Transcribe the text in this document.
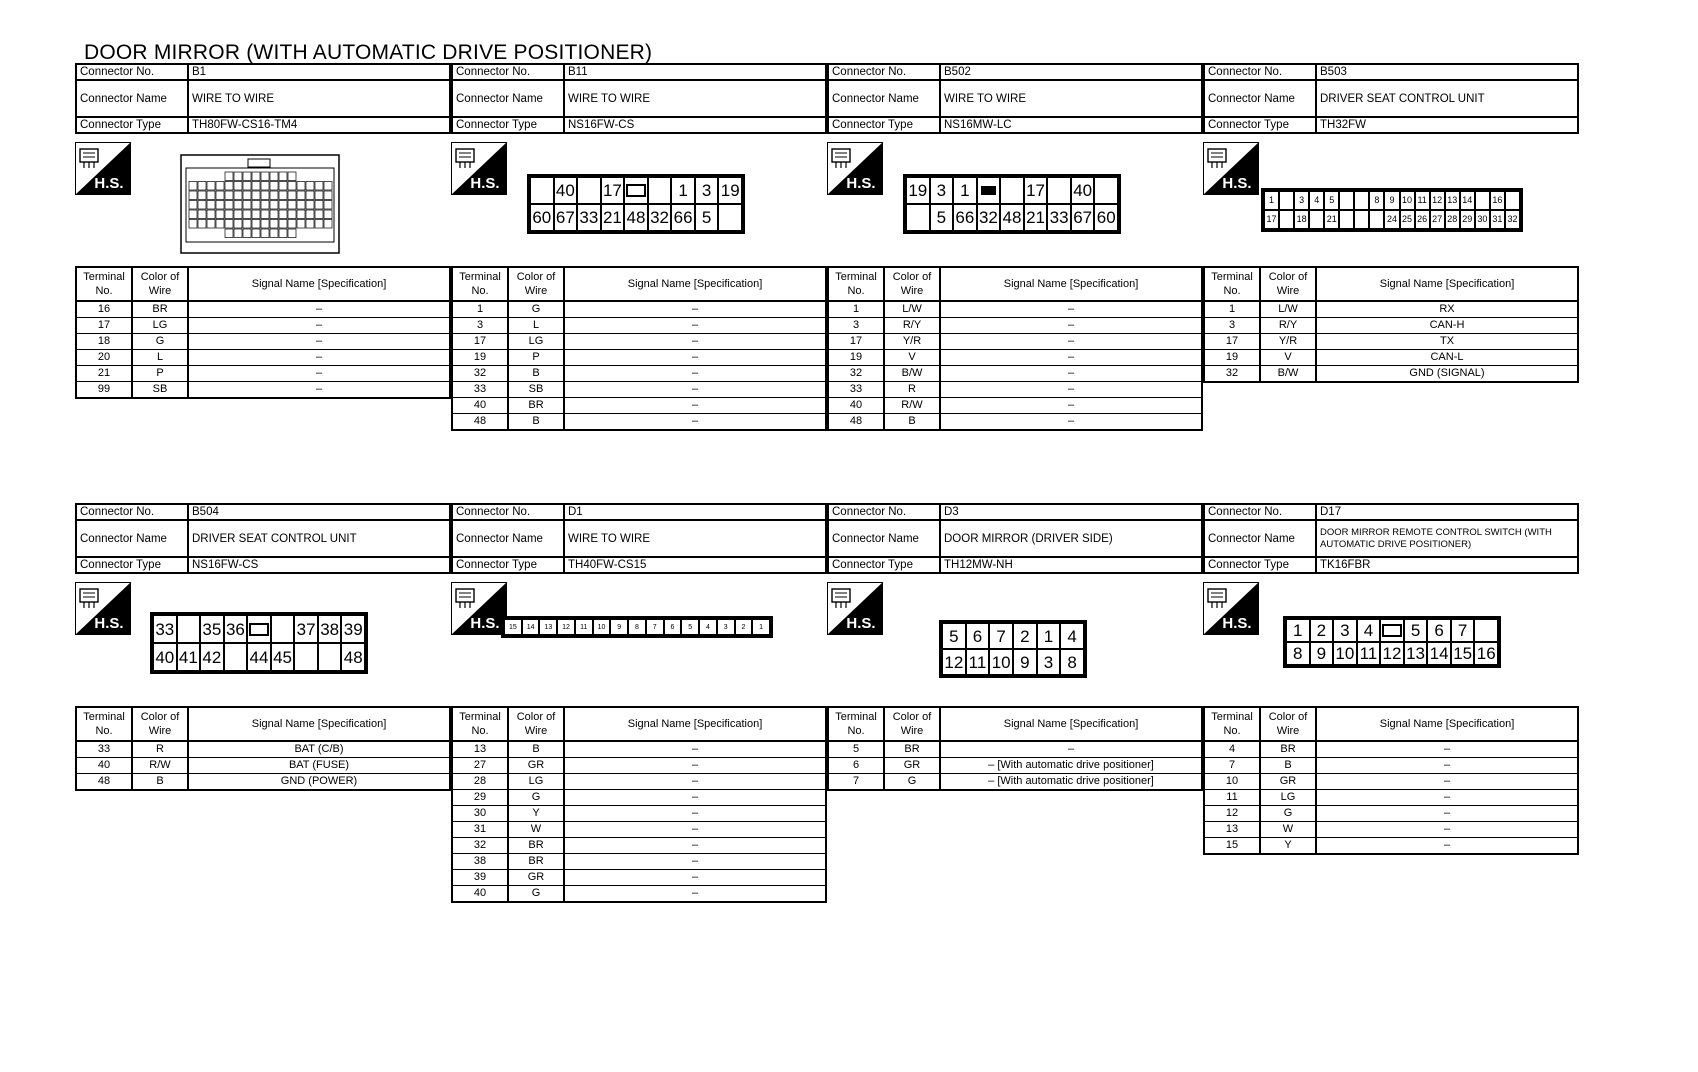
DOOR MIRROR (WITH AUTOMATIC DRIVE POSITIONER)
Connector No.	B1
Connector Name	WIRE TO WIRE
Connector Type	TH80FW-CS16-TM4
H.S.
Terminal No.	Color of Wire	Signal Name [Specification]
16	BR	–
17	LG	–
18	G	–
20	L	–
21	P	–
99	SB	–
Connector No.	B11
Connector Name	WIRE TO WIRE
Connector Type	NS16FW-CS
H.S.	40 17	1 3 19
60 67 33 21 48 32 66 5
Terminal No.	Color of Wire	Signal Name [Specification]
1	G	–
3	L	–
17	LG	–
19	P	–
32	B	–
33	SB	–
40	BR	–
48	B	–
Connector No.	B502
Connector Name	WIRE TO WIRE
Connector Type	NS16MW-LC
H.S. 19 3 1	17 40
5 66 32 48 21 33 67 60
Terminal No.	Color of Wire	Signal Name [Specification]
1	L/W	–
3	R/Y	–
17	Y/R	–
19	V	–
32	B/W	–
33	R	–
40	R/W	–
48	B	–
Connector No.	B503
Connector Name	DRIVER SEAT CONTROL UNIT
Connector Type	TH32FW
H.S.
1	3	4	5	8	9 10 11 12 13 14 16
17 18 21	24 25 26 27 28 29 30 31 32
Terminal No.	Color of Wire	Signal Name [Specification]
1	L/W	RX
3	R/Y	CAN-H
17	Y/R	TX
19	V	CAN-L
32	B/W	GND (SIGNAL)
Connector No.	B504
Connector Name	DRIVER SEAT CONTROL UNIT
Connector Type	NS16FW-CS
H.S. 33 35 36	37 38 39
40 41 42 44 45	48
Terminal No.	Color of Wire	Signal Name [Specification]
33	R	BAT (C/B)
40	R/W	BAT (FUSE)
48	B	GND (POWER)
Connector No.	D1
Connector Name	WIRE TO WIRE
Connector Type	TH40FW-CS15
H.S.	15	14	13	12	11	10	9	8	7	6	5	4	3	2	1
Terminal No.	Color of Wire	Signal Name [Specification]
13	B	–
27	GR	–
28	LG	–
29	G	–
30	Y	–
31	W	–
32	BR	–
38	BR	–
39	GR	–
40	G	–
Connector No.	D3
Connector Name	DOOR MIRROR (DRIVER SIDE)
Connector Type	TH12MW-NH
H.S.
5 6 7 2 1 4
12 11 10 9 3 8
Terminal No.	Color of Wire	Signal Name [Specification]
5	BR	–
6	GR	– [With automatic drive positioner]
7	G	– [With automatic drive positioner]
Connector No.	D17
Connector Name	DOOR MIRROR REMOTE CONTROL SWITCH (WITH AUTOMATIC DRIVE POSITIONER)
Connector Type	TK16FBR
H.S.	1 2 3 4	5 6 7
8 9 10 11 12 13 14 15 16
Terminal No.	Color of Wire	Signal Name [Specification]
4	BR	–
7	B	–
10	GR	–
11	LG	–
12	G	–
13	W	–
15	Y	–
